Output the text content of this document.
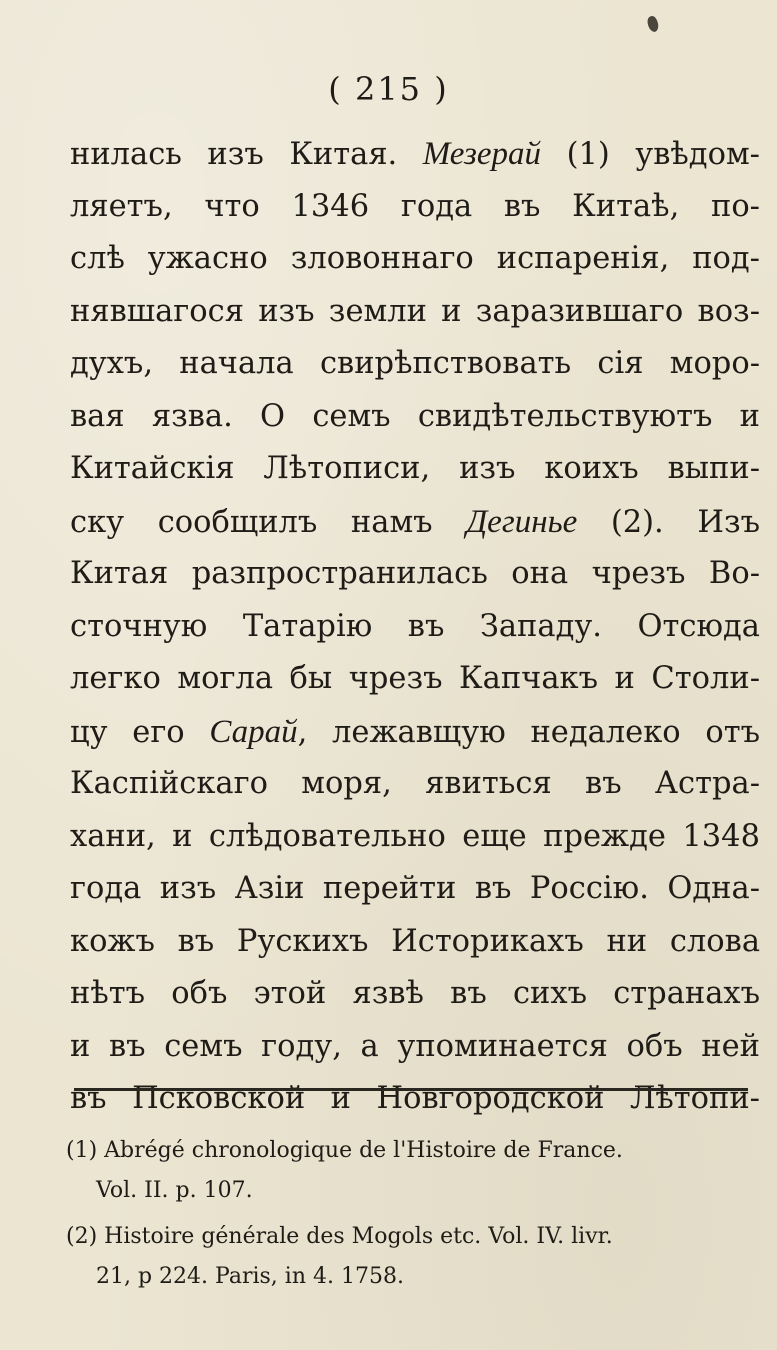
( 215 )
нилась изъ Китая. Мезерай (1) увѣдом-
ляетъ, что 1346 года въ Китаѣ, по-
слѣ ужасно зловоннаго испаренія, под-
нявшагося изъ земли и заразившаго воз-
духъ, начала свирѣпствовать сія моро-
вая язва. О семъ свидѣтельствуютъ и
Китайскія Лѣтописи, изъ коихъ выпи-
ску сообщилъ намъ Дегинье (2). Изъ
Китая разпространилась она чрезъ Во-
сточную Татарію въ Западу. Отсюда
легко могла бы чрезъ Капчакъ и Столи-
цу его Сарай, лежавщую недалеко отъ
Каспійскаго моря, явиться въ Астра-
хани, и слѣдовательно еще прежде 1348
года изъ Азіи перейти въ Россію. Одна-
кожъ въ Рускихъ Историкахъ ни слова
нѣтъ объ этой язвѣ въ сихъ странахъ
и въ семъ году, а упоминается объ ней
въ Псковской и Новгородской Лѣтопи-
(1) Abrégé chronologique de l'Histoire de France.
Vol. II. p. 107.
(2) Histoire générale des Mogols etc. Vol. IV. livr.
21, p 224. Paris, in 4. 1758.
